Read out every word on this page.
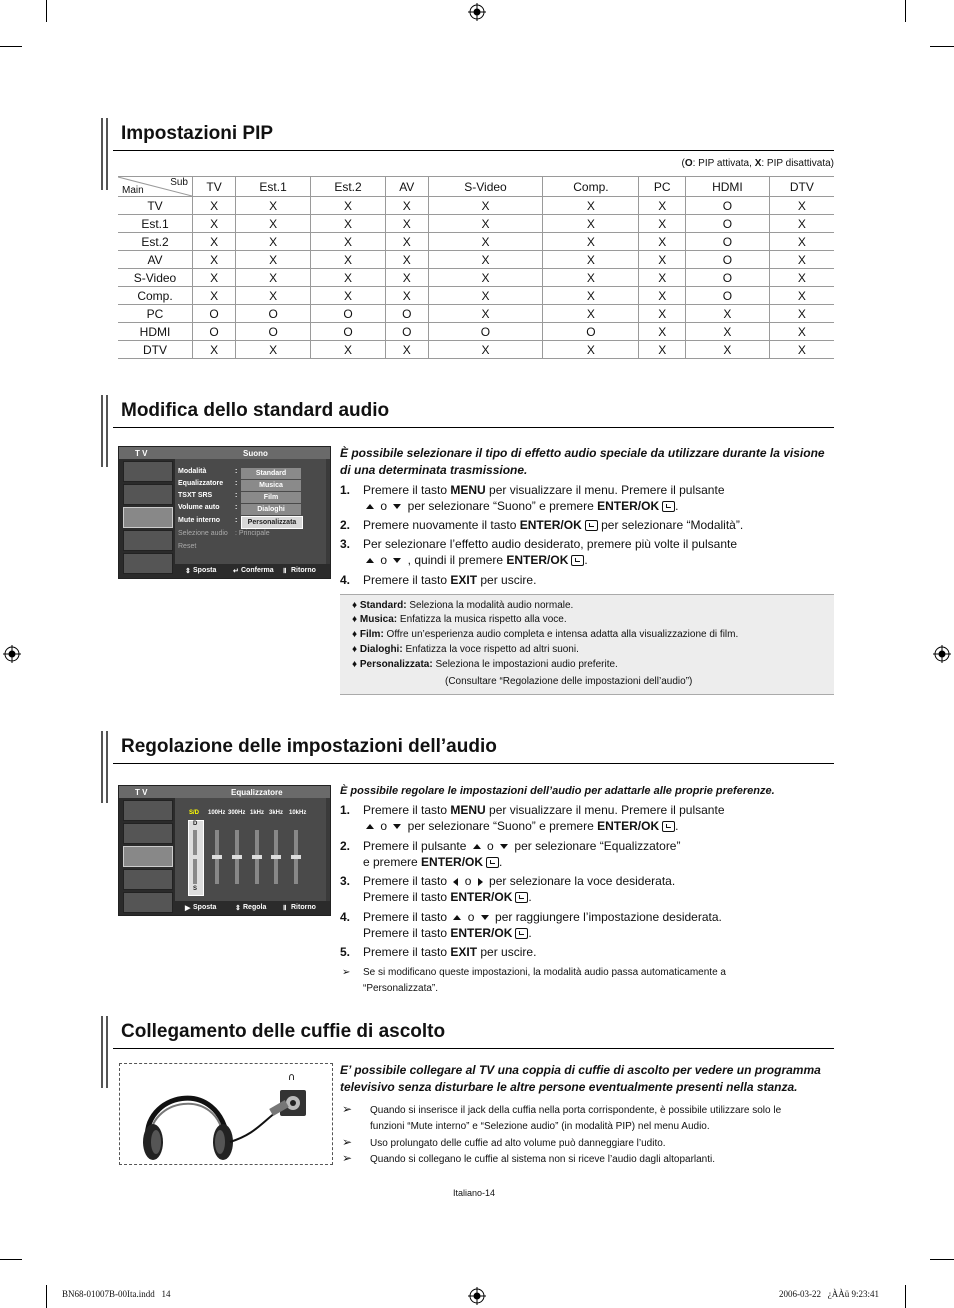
Impostazioni PIP
(O: PIP attivata, X: PIP disattivata)
Sub
Main	TV	Est.1	Est.2	AV	S-Video	Comp.	PC	HDMI	DTV
TV	X	X	X	X	X	X	X	O	X
Est.1	X	X	X	X	X	X	X	O	X
Est.2	X	X	X	X	X	X	X	O	X
AV	X	X	X	X	X	X	X	O	X
S-Video	X	X	X	X	X	X	X	O	X
Comp.	X	X	X	X	X	X	X	O	X
PC	O	O	O	O	X	X	X	X	X
HDMI	O	O	O	O	O	O	X	X	X
DTV	X	X	X	X	X	X	X	X	X
Modifica dello standard audio
T V	Suono
Modalità
Equalizzatore
TSXT SRS
Volume auto
Mute interno
:
:
:
:
:
Selezione audio : Principale
Reset
Standard
Musica
Film
Dialoghi
Personalizzata
⇕ Sposta ↵ Conferma Ⅱ Ritorno
È possibile selezionare il tipo di effetto audio speciale da utilizzare durante la visione di una determinata trasmissione.
1. Premere il tasto MENU per visualizzare il menu. Premere il pulsante
o  per selezionare “Suono” e premere ENTER/OK .
2. Premere nuovamente il tasto ENTER/OK per selezionare “Modalità”.
3. Per selezionare l’effetto audio desiderato, premere più volte il pulsante
o  , quindi il premere ENTER/OK .
4. Premere il tasto EXIT per uscire.
♦ Standard: Seleziona la modalità audio normale.
♦ Musica: Enfatizza la musica rispetto alla voce.
♦ Film: Offre un’esperienza audio completa e intensa adatta alla visualizzazione di film.
♦ Dialoghi: Enfatizza la voce rispetto ad altri suoni.
♦ Personalizzata: Seleziona le impostazioni audio preferite.
(Consultare “Regolazione delle impostazioni dell’audio”)
Regolazione delle impostazioni dell’audio
T V	Equalizzatore
S/D 100Hz 300Hz 1kHz 3kHz 10kHz
D
S
▶ Sposta	⇕ Regola Ⅱ Ritorno
È possibile regolare le impostazioni dell’audio per adattarle alle proprie preferenze.
1. Premere il tasto MENU per visualizzare il menu. Premere il pulsante
o  per selezionare “Suono” e premere ENTER/OK .
2. Premere il pulsante  o  per selezionare “Equalizzatore”
e premere ENTER/OK .
3. Premere il tasto  o  per selezionare la voce desiderata.
Premere il tasto ENTER/OK .
4. Premere il tasto  o  per raggiungere l’impostazione desiderata.
Premere il tasto ENTER/OK .
5. Premere il tasto EXIT per uscire.
➢ Se si modificano queste impostazioni, la modalità audio passa automaticamente a “Personalizzata”.
Collegamento delle cuffie di ascolto
∩
E’ possibile collegare al TV una coppia di cuffie di ascolto per vedere un programma televisivo senza disturbare le altre persone eventualmente presenti nella stanza.
➢ Quando si inserisce il jack della cuffia nella porta corrispondente, è possibile utilizzare solo le funzioni “Mute interno” e “Selezione audio” (in modalità PIP) nel menu Audio.
➢ Uso prolungato delle cuffie ad alto volume può danneggiare l’udito.
➢ Quando si collegano le cuffie al sistema non si riceve l’audio dagli altoparlanti.
Italiano-14
BN68-01007B-00Ita.indd   14	2006-03-22   ¿ÀÀü 9:23:41
